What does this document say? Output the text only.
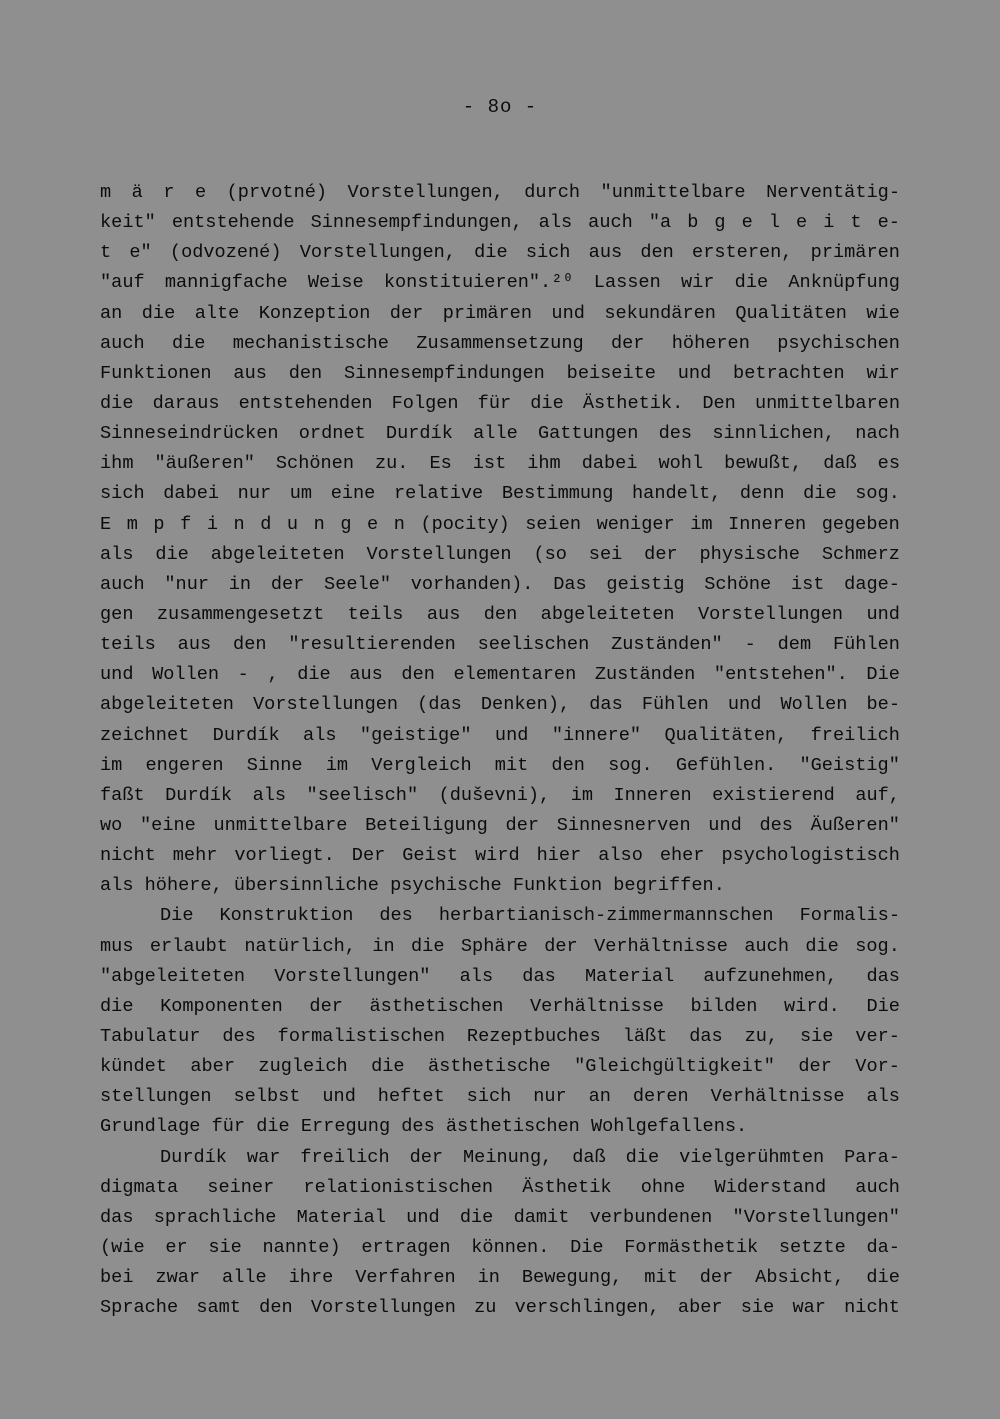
- 8o -
m ä r e (prvotné) Vorstellungen, durch "unmittelbare Nerventätig-
keit" entstehende Sinnesempfindungen, als auch "a b g e l e i t e-
t e" (odvozené) Vorstellungen, die sich aus den ersteren, primären
"auf mannigfache Weise konstituieren".²⁰ Lassen wir die Anknüpfung
an die alte Konzeption der primären und sekundären Qualitäten wie
auch die mechanistische Zusammensetzung der höheren psychischen
Funktionen aus den Sinnesempfindungen beiseite und betrachten wir
die daraus entstehenden Folgen für die Ästhetik. Den unmittelbaren
Sinneseindrücken ordnet Durdík alle Gattungen des sinnlichen, nach
ihm "äußeren" Schönen zu. Es ist ihm dabei wohl bewußt, daß es
sich dabei nur um eine relative Bestimmung handelt, denn die sog.
E m p f i n d u n g e n (pocity) seien weniger im Inneren gegeben
als die abgeleiteten Vorstellungen (so sei der physische Schmerz
auch "nur in der Seele" vorhanden). Das geistig Schöne ist dage-
gen zusammengesetzt teils aus den abgeleiteten Vorstellungen und
teils aus den "resultierenden seelischen Zuständen" - dem Fühlen
und Wollen - , die aus den elementaren Zuständen "entstehen". Die
abgeleiteten Vorstellungen (das Denken), das Fühlen und Wollen be-
zeichnet Durdík als "geistige" und "innere" Qualitäten, freilich
im engeren Sinne im Vergleich mit den sog. Gefühlen. "Geistig"
faßt Durdík als "seelisch" (duševni), im Inneren existierend auf,
wo "eine unmittelbare Beteiligung der Sinnesnerven und des Äußeren"
nicht mehr vorliegt. Der Geist wird hier also eher psychologistisch
als höhere, übersinnliche psychische Funktion begriffen.
Die Konstruktion des herbartianisch-zimmermannschen Formalis-
mus erlaubt natürlich, in die Sphäre der Verhältnisse auch die sog.
"abgeleiteten Vorstellungen" als das Material aufzunehmen, das
die Komponenten der ästhetischen Verhältnisse bilden wird. Die
Tabulatur des formalistischen Rezeptbuches läßt das zu, sie ver-
kündet aber zugleich die ästhetische "Gleichgültigkeit" der Vor-
stellungen selbst und heftet sich nur an deren Verhältnisse als
Grundlage für die Erregung des ästhetischen Wohlgefallens.
Durdík war freilich der Meinung, daß die vielgerühmten Para-
digmata seiner relationistischen Ästhetik ohne Widerstand auch
das sprachliche Material und die damit verbundenen "Vorstellungen"
(wie er sie nannte) ertragen können. Die Formästhetik setzte da-
bei zwar alle ihre Verfahren in Bewegung, mit der Absicht, die
Sprache samt den Vorstellungen zu verschlingen, aber sie war nicht
